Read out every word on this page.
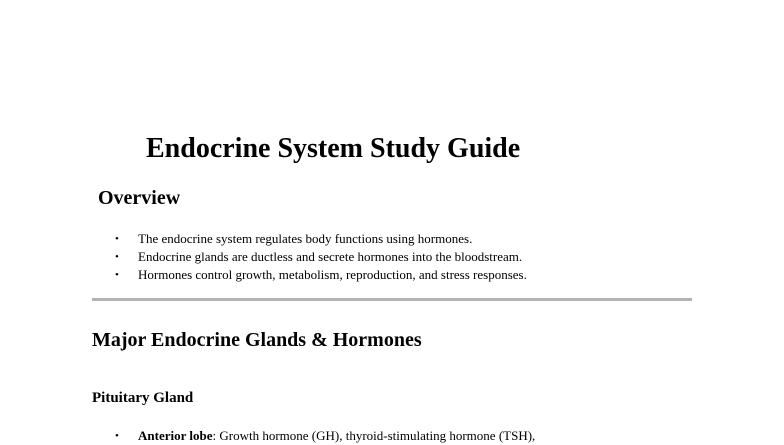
Endocrine System Study Guide
Overview
• The endocrine system regulates body functions using hormones.
• Endocrine glands are ductless and secrete hormones into the bloodstream.
• Hormones control growth, metabolism, reproduction, and stress responses.
Major Endocrine Glands & Hormones
Pituitary Gland
• Anterior lobe: Growth hormone (GH), thyroid-stimulating hormone (TSH),
